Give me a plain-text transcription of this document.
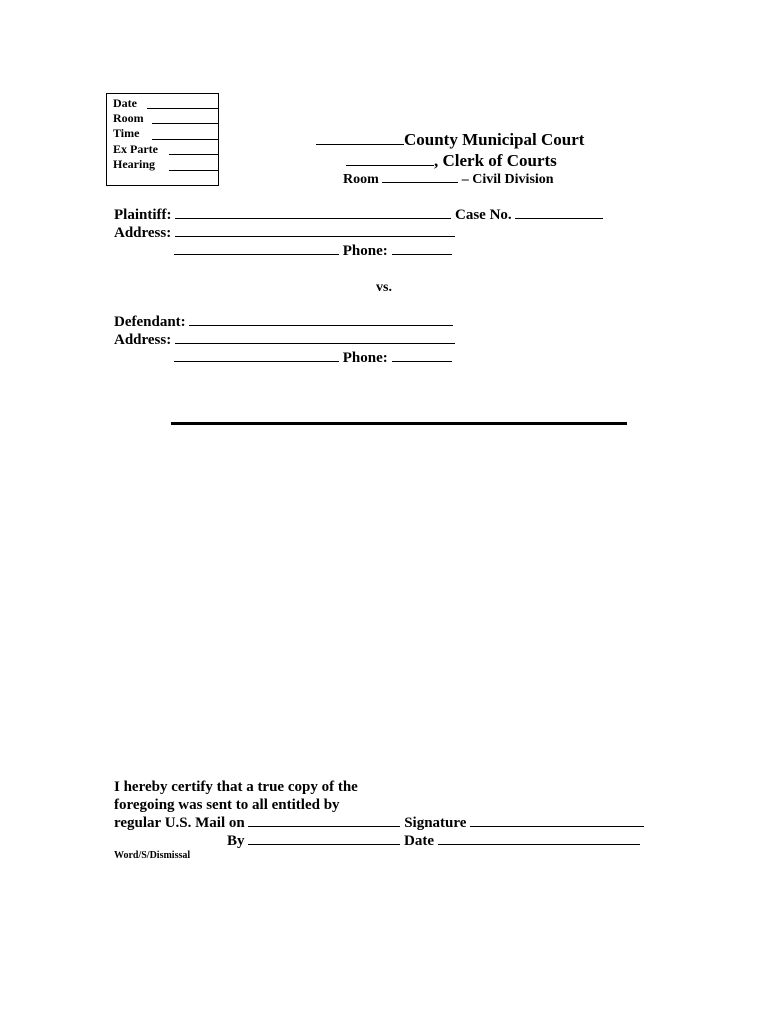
Date
Room
Time
Ex Parte
Hearing
County Municipal Court
, Clerk of Courts
Room	– Civil Division
Plaintiff:	Case No.
Address:
Phone:
vs.
Defendant:
Address:
Phone:
I hereby certify that a true copy of the
foregoing was sent to all entitled by
regular U.S. Mail on	Signature
By	Date
Word/S/Dismissal
